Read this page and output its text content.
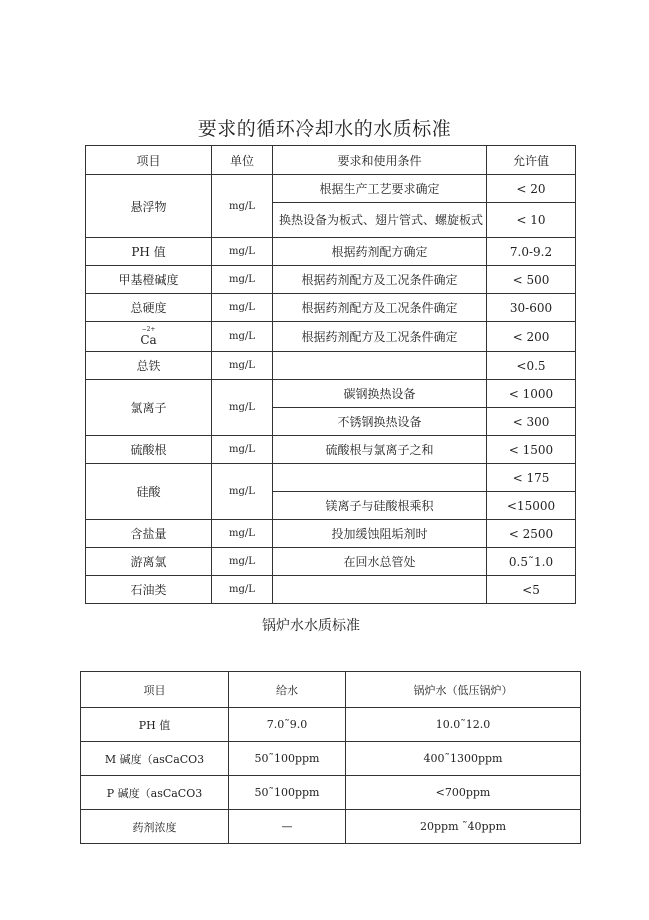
要求的循环冷却水的水质标准
项目	单位	要求和使用条件	允许值
悬浮物	mg/L	根据生产工艺要求确定	< 20
		换热设备为板式、翅片管式、螺旋板式	< 10
PH 值	mg/L	根据药剂配方确定	7.0-9.2
甲基橙碱度	mg/L	根据药剂配方及工况条件确定	< 500
总硬度	mg/L	根据药剂配方及工况条件确定	30-600

−2+
Ca	mg/L	根据药剂配方及工况条件确定	< 200
总铁	mg/L		<0.5
氯离子	mg/L	碳钢换热设备	< 1000
		不锈钢换热设备	< 300
硫酸根	mg/L	硫酸根与氯离子之和	< 1500
硅酸	mg/L		< 175
		镁离子与硅酸根乘积	<15000
含盐量	mg/L	投加缓蚀阻垢剂时	< 2500
游离氯	mg/L	在回水总管处	0.5˜1.0
石油类	mg/L		<5
锅炉水水质标准
项目	给水	锅炉水（低压锅炉）
PH 值	7.0˜9.0	10.0˜12.0
M 碱度（asCaCO3	50˜100ppm	400˜1300ppm
P 碱度（asCaCO3	50˜100ppm	<700ppm
药剂浓度	—	20ppm ˜40ppm
